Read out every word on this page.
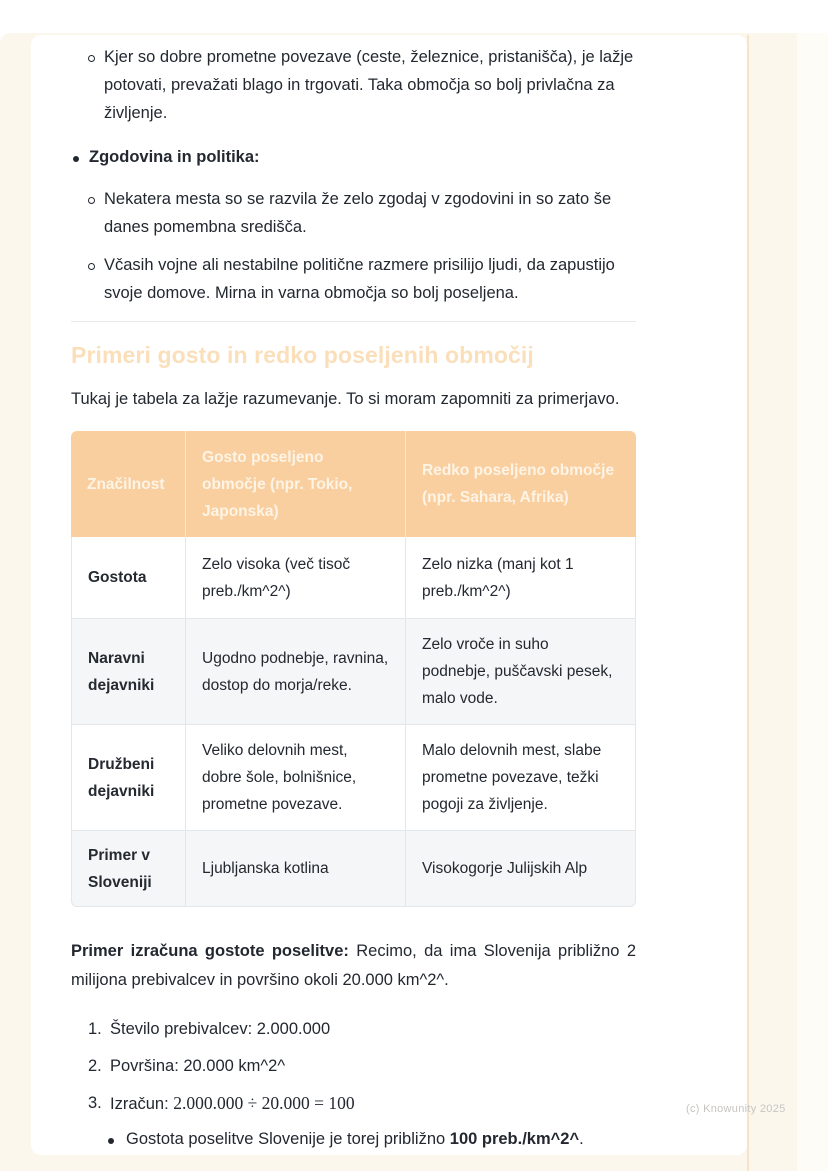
Kjer so dobre prometne povezave (ceste, železnice, pristanišča), je lažje potovati, prevažati blago in trgovati. Taka območja so bolj privlačna za življenje.
Zgodovina in politika:
Nekatera mesta so se razvila že zelo zgodaj v zgodovini in so zato še danes pomembna središča.
Včasih vojne ali nestabilne politične razmere prisilijo ljudi, da zapustijo svoje domove. Mirna in varna območja so bolj poseljena.
Primeri gosto in redko poseljenih območij

Tukaj je tabela za lažje razumevanje. To si moram zapomniti za primerjavo.

Značilnost	Gosto poseljeno območje (npr. Tokio, Japonska)	Redko poseljeno območje (npr. Sahara, Afrika)
Gostota	Zelo visoka (več tisoč preb./km^2^)	Zelo nizka (manj kot 1 preb./km^2^)
Naravni dejavniki	Ugodno podnebje, ravnina, dostop do morja/reke.	Zelo vroče in suho podnebje, puščavski pesek, malo vode.
Družbeni dejavniki	Veliko delovnih mest, dobre šole, bolnišnice, prometne povezave.	Malo delovnih mest, slabe prometne povezave, težki pogoji za življenje.
Primer v Sloveniji	Ljubljanska kotlina	Visokogorje Julijskih Alp

Primer izračuna gostote poselitve: Recimo, da ima Slovenija približno 2 milijona prebivalcev in površino okoli 20.000 km^2^.

1. Število prebivalcev: 2.000.000
2. Površina: 20.000 km^2^
3. Izračun: 2.000.000 ÷ 20.000 = 100
Gostota poselitve Slovenije je torej približno 100 preb./km^2^.
(c) Knowunity 2025
